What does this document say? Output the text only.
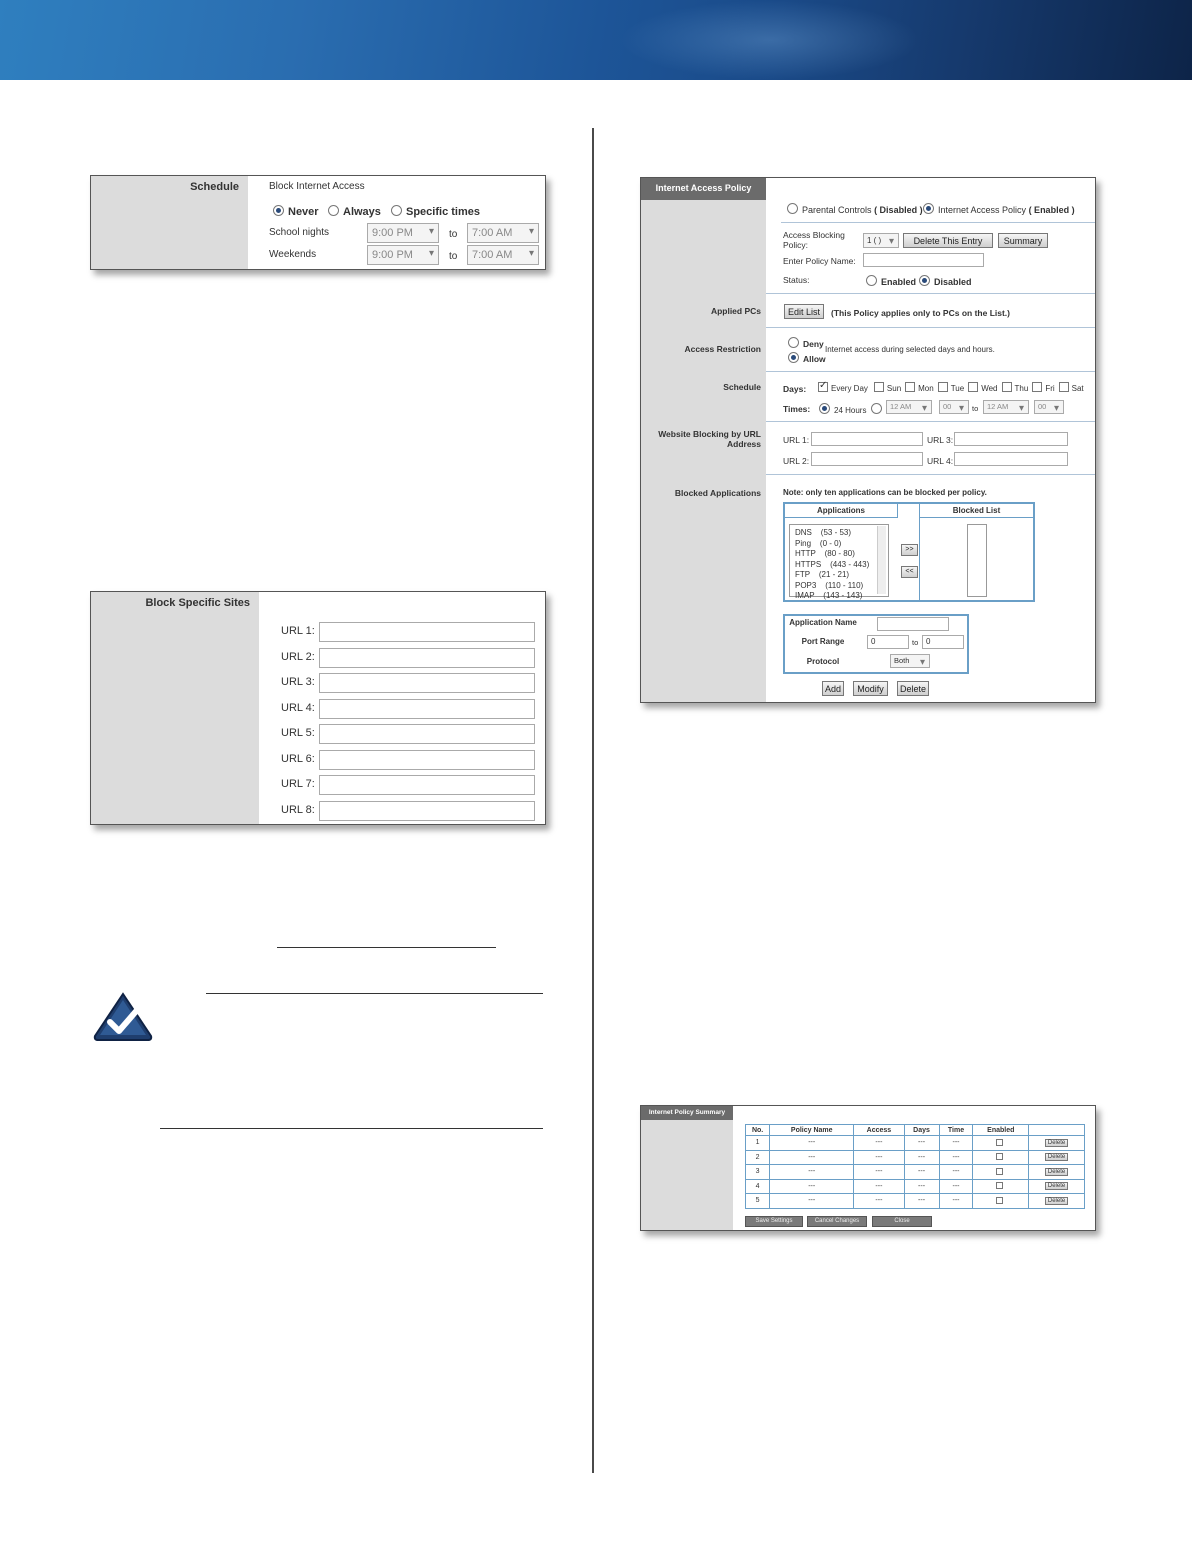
Schedule	Block Internet Access
Never	Always	Specific times
School nights	9:00 PM ▾	to	7:00 AM ▾
Weekends	9:00 PM ▾	to	7:00 AM ▾
Block Specific Sites
URL 1:
URL 2:
URL 3:
URL 4:
URL 5:
URL 6:
URL 7:
URL 8:
Internet Access Policy
Parental Controls ( Disabled )	Internet Access Policy ( Enabled )
Access Blocking Policy:	1 ( ) ▾	Delete This Entry	Summary
Enter Policy Name:
Status:	Enabled	Disabled
Applied PCs	Edit List	(This Policy applies only to PCs on the List.)
Access Restriction	Deny
Allow
Internet access during selected days and hours.
Schedule	Days: ✓	Every Day Sun Mon Tue Wed Thu Fri Sat
Times:	24 Hours	12 AM ▾	00 ▾	to	12 AM ▾	00 ▾
Website Blocking by URL Address	URL 1:	URL 3:
URL 2:	URL 4:
Blocked Applications	Note: only ten applications can be blocked per policy.
Applications	Blocked List
DNS    (53 - 53)
Ping    (0 - 0)
HTTP    (80 - 80)
HTTPS    (443 - 443)
FTP    (21 - 21)
POP3    (110 - 110)
IMAP    (143 - 143)
>>
<<
Application Name
Port Range	0	to 0
Protocol	Both ▾
Add	Modify	Delete
Internet Policy Summary
No.	Policy Name	Access	Days	Time	Enabled	
1	---	---	---	---		Delete
2	---	---	---	---		Delete
3	---	---	---	---		Delete
4	---	---	---	---		Delete
5	---	---	---	---		Delete
Save Settings	Cancel Changes	Close
